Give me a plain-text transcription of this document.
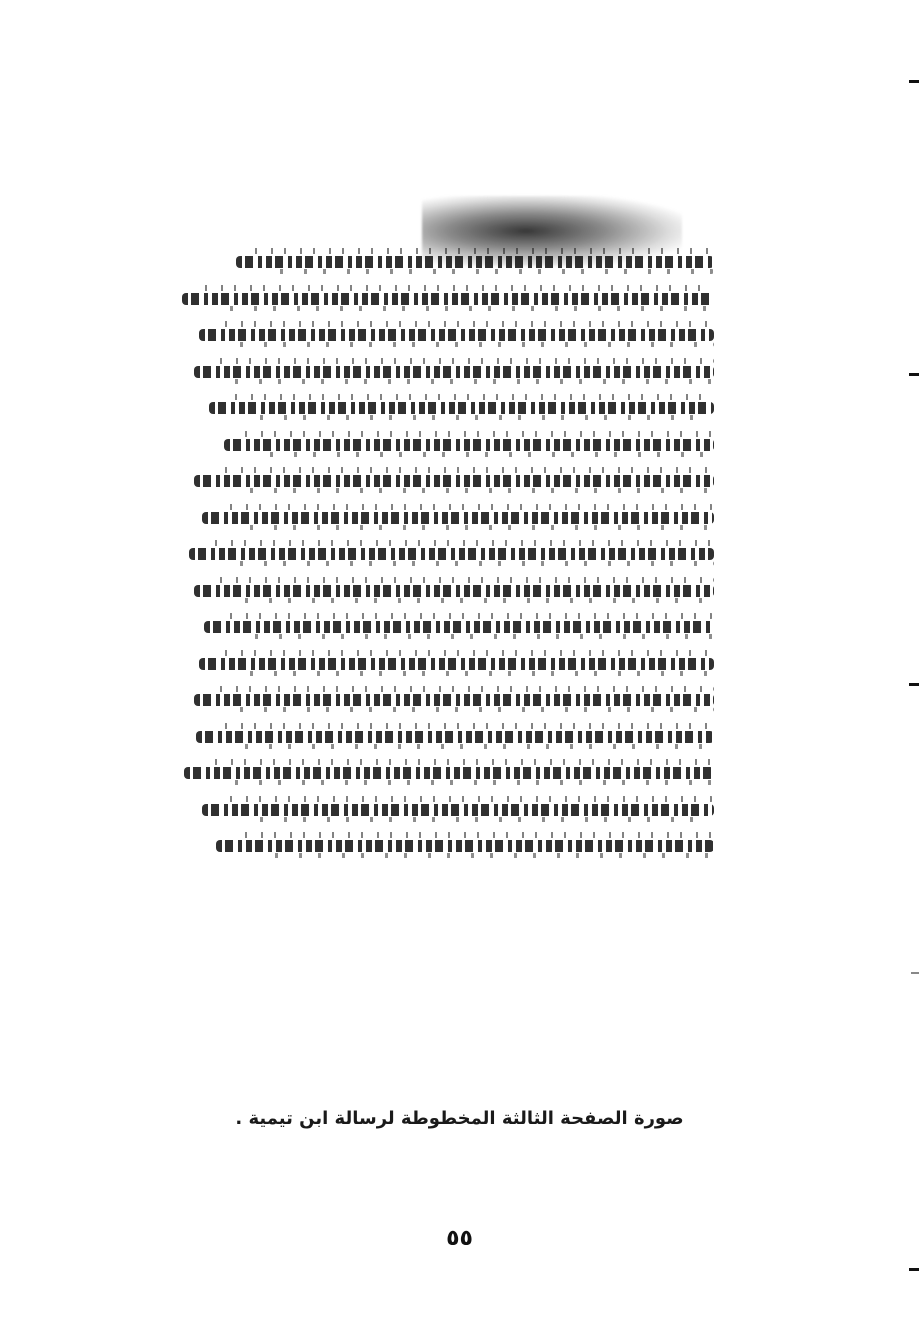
صورة الصفحة الثالثة المخطوطة لرسالة ابن تيمية .
٥٥
